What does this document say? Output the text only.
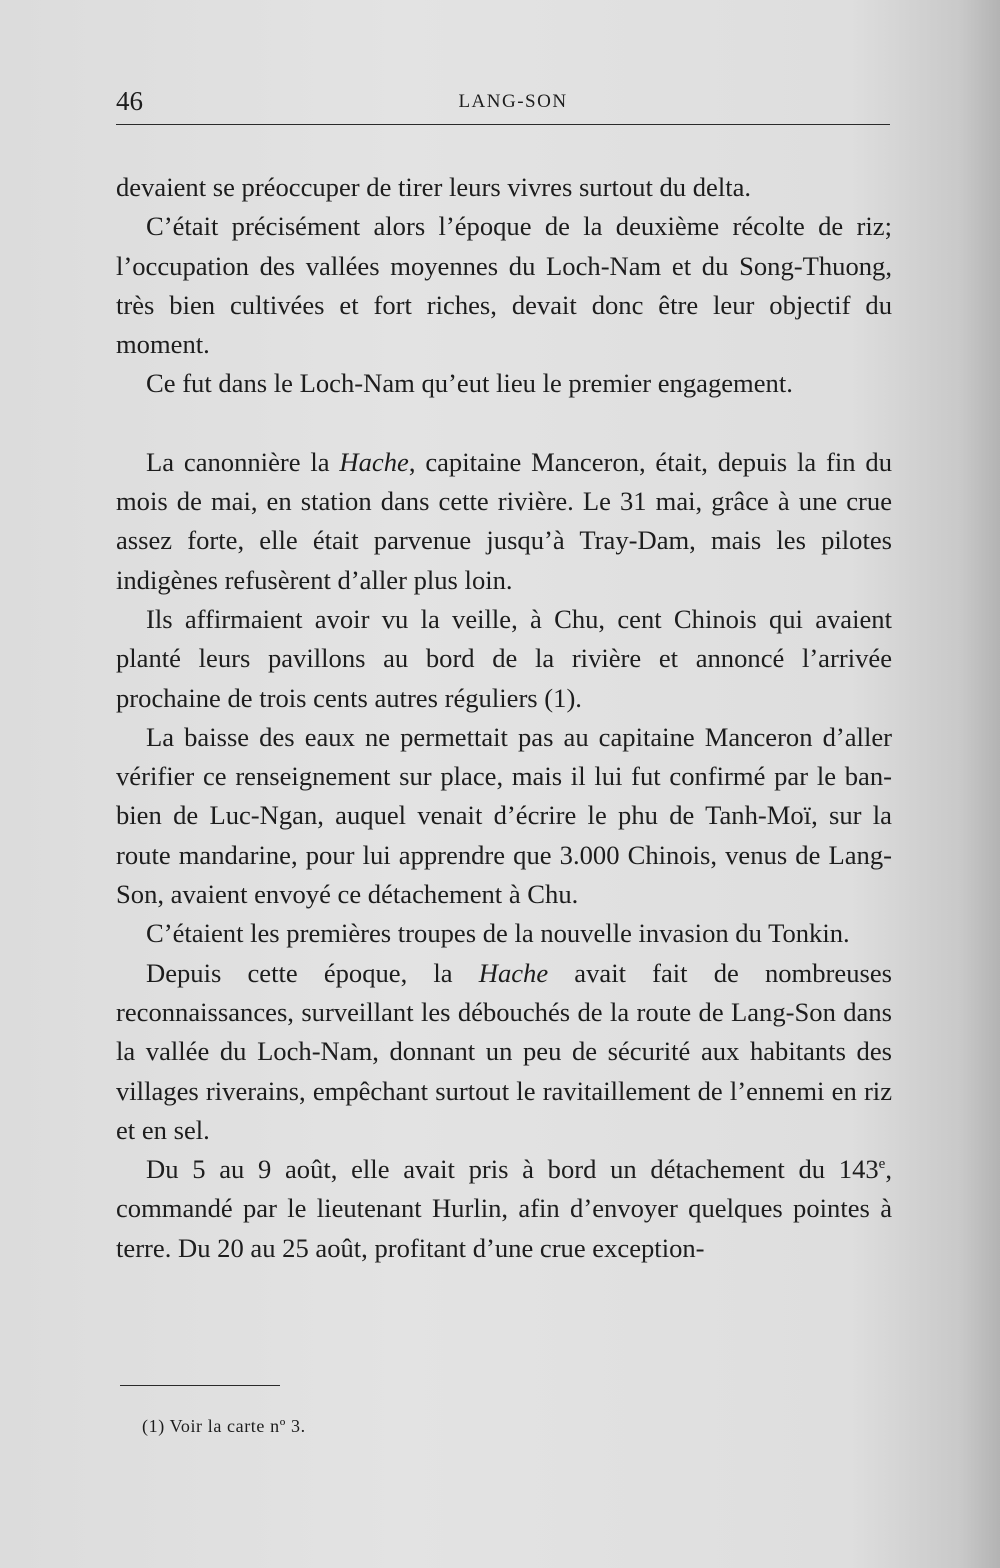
46	LANG-SON

devaient se préoccuper de tirer leurs vivres surtout du delta.

C’était précisément alors l’époque de la deuxième récolte de riz; l’occupation des vallées moyennes du Loch-Nam et du Song-Thuong, très bien cultivées et fort riches, devait donc être leur objectif du moment.

Ce fut dans le Loch-Nam qu’eut lieu le premier engagement.

La canonnière la Hache, capitaine Manceron, était, depuis la fin du mois de mai, en station dans cette rivière. Le 31 mai, grâce à une crue assez forte, elle était parvenue jusqu’à Tray-Dam, mais les pilotes indigènes refusèrent d’aller plus loin.

Ils affirmaient avoir vu la veille, à Chu, cent Chinois qui avaient planté leurs pavillons au bord de la rivière et annoncé l’arrivée prochaine de trois cents autres réguliers (1).

La baisse des eaux ne permettait pas au capitaine Manceron d’aller vérifier ce renseignement sur place, mais il lui fut confirmé par le ban-bien de Luc-Ngan, auquel venait d’écrire le phu de Tanh-Moï, sur la route mandarine, pour lui apprendre que 3.000 Chinois, venus de Lang-Son, avaient envoyé ce détachement à Chu.

C’étaient les premières troupes de la nouvelle invasion du Tonkin.

Depuis cette époque, la Hache avait fait de nombreuses reconnaissances, surveillant les débouchés de la route de Lang-Son dans la vallée du Loch-Nam, donnant un peu de sécurité aux habitants des villages riverains, empêchant surtout le ravitaillement de l’ennemi en riz et en sel.

Du 5 au 9 août, elle avait pris à bord un détachement du 143e, commandé par le lieutenant Hurlin, afin d’envoyer quelques pointes à terre. Du 20 au 25 août, profitant d’une crue exception-

(1) Voir la carte nº 3.
